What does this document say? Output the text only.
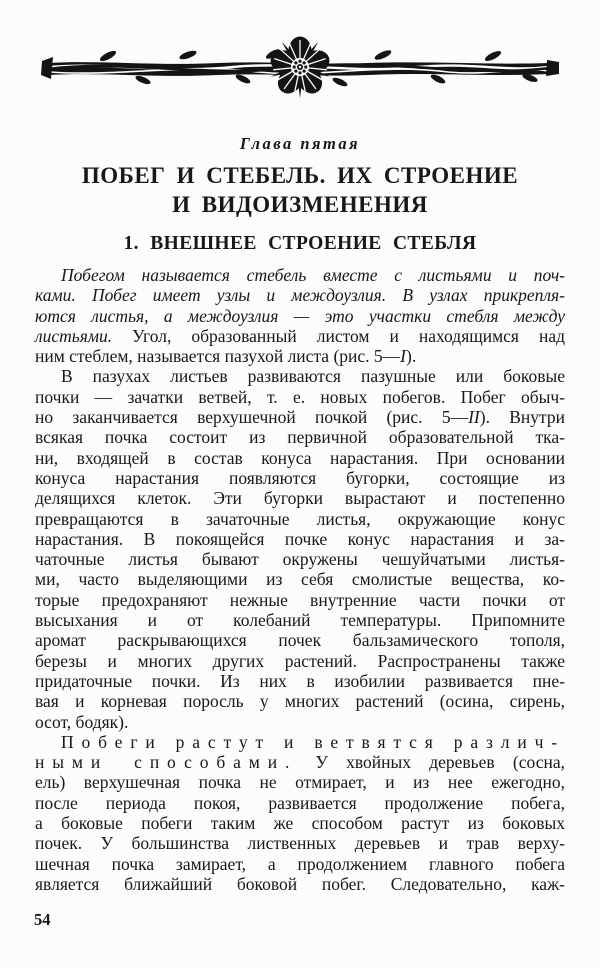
Глава пятая
ПОБЕГ И СТЕБЕЛЬ. ИХ СТРОЕНИЕ
И ВИДОИЗМЕНЕНИЯ
1. ВНЕШНЕЕ СТРОЕНИЕ СТЕБЛЯ
Побегом называется стебель вместе с листьями и поч-
ками. Побег имеет узлы и междоузлия. В узлах прикрепля-
ются листья, а междоузлия — это участки стебля между
листьями. Угол, образованный листом и находящимся над
ним стеблем, называется пазухой листа (рис. 5—I).
В пазухах листьев развиваются пазушные или боковые
почки — зачатки ветвей, т. е. новых побегов. Побег обыч-
но заканчивается верхушечной почкой (рис. 5—II). Внутри
всякая почка состоит из первичной образовательной тка-
ни, входящей в состав конуса нарастания. При основании
конуса нарастания появляются бугорки, состоящие из
делящихся клеток. Эти бугорки вырастают и постепенно
превращаются в зачаточные листья, окружающие конус
нарастания. В покоящейся почке конус нарастания и за-
чаточные листья бывают окружены чешуйчатыми листья-
ми, часто выделяющими из себя смолистые вещества, ко-
торые предохраняют нежные внутренние части почки от
высыхания и от колебаний температуры. Припомните
аромат раскрывающихся почек бальзамического тополя,
березы и многих других растений. Распространены также
придаточные почки. Из них в изобилии развивается пне-
вая и корневая поросль у многих растений (осина, сирень,
осот, бодяк).
Побеги растут и ветвятся различ-
ными способами. У хвойных деревьев (сосна,
ель) верхушечная почка не отмирает, и из нее ежегодно,
после периода покоя, развивается продолжение побега,
а боковые побеги таким же способом растут из боковых
почек. У большинства лиственных деревьев и трав верху-
шечная почка замирает, а продолжением главного побега
является ближайший боковой побег. Следовательно, каж-
54
